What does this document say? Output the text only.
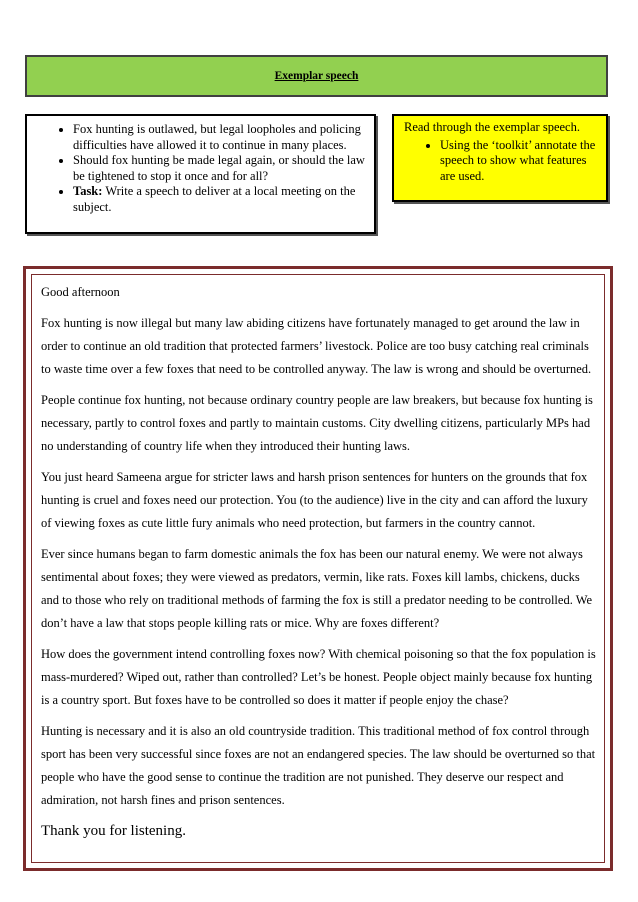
Exemplar speech
• Fox hunting is outlawed, but legal loopholes and policing difficulties have allowed it to continue in many places.
• Should fox hunting be made legal again, or should the law be tightened to stop it once and for all?
• Task: Write a speech to deliver at a local meeting on the subject.
Read through the exemplar speech.
• Using the ‘toolkit’ annotate the speech to show what features are used.

Good afternoon

Fox hunting is now illegal but many law abiding citizens have fortunately managed to get around the law in order to continue an old tradition that protected farmers’ livestock. Police are too busy catching real criminals to waste time over a few foxes that need to be controlled anyway. The law is wrong and should be overturned.

People continue fox hunting, not because ordinary country people are law breakers, but because fox hunting is necessary, partly to control foxes and partly to maintain customs. City dwelling citizens, particularly MPs had no understanding of country life when they introduced their hunting laws.

You just heard Sameena argue for stricter laws and harsh prison sentences for hunters on the grounds that fox hunting is cruel and foxes need our protection. You (to the audience) live in the city and can afford the luxury of viewing foxes as cute little fury animals who need protection, but farmers in the country cannot.

Ever since humans began to farm domestic animals the fox has been our natural enemy. We were not always sentimental about foxes; they were viewed as predators, vermin, like rats. Foxes kill lambs, chickens, ducks and to those who rely on traditional methods of farming the fox is still a predator needing to be controlled. We don’t have a law that stops people killing rats or mice. Why are foxes different?

How does the government intend controlling foxes now? With chemical poisoning so that the fox population is mass-murdered? Wiped out, rather than controlled? Let’s be honest. People object mainly because fox hunting is a country sport. But foxes have to be controlled so does it matter if people enjoy the chase?

Hunting is necessary and it is also an old countryside tradition. This traditional method of fox control through sport has been very successful since foxes are not an endangered species. The law should be overturned so that people who have the good sense to continue the tradition are not punished. They deserve our respect and admiration, not harsh fines and prison sentences.

Thank you for listening.
